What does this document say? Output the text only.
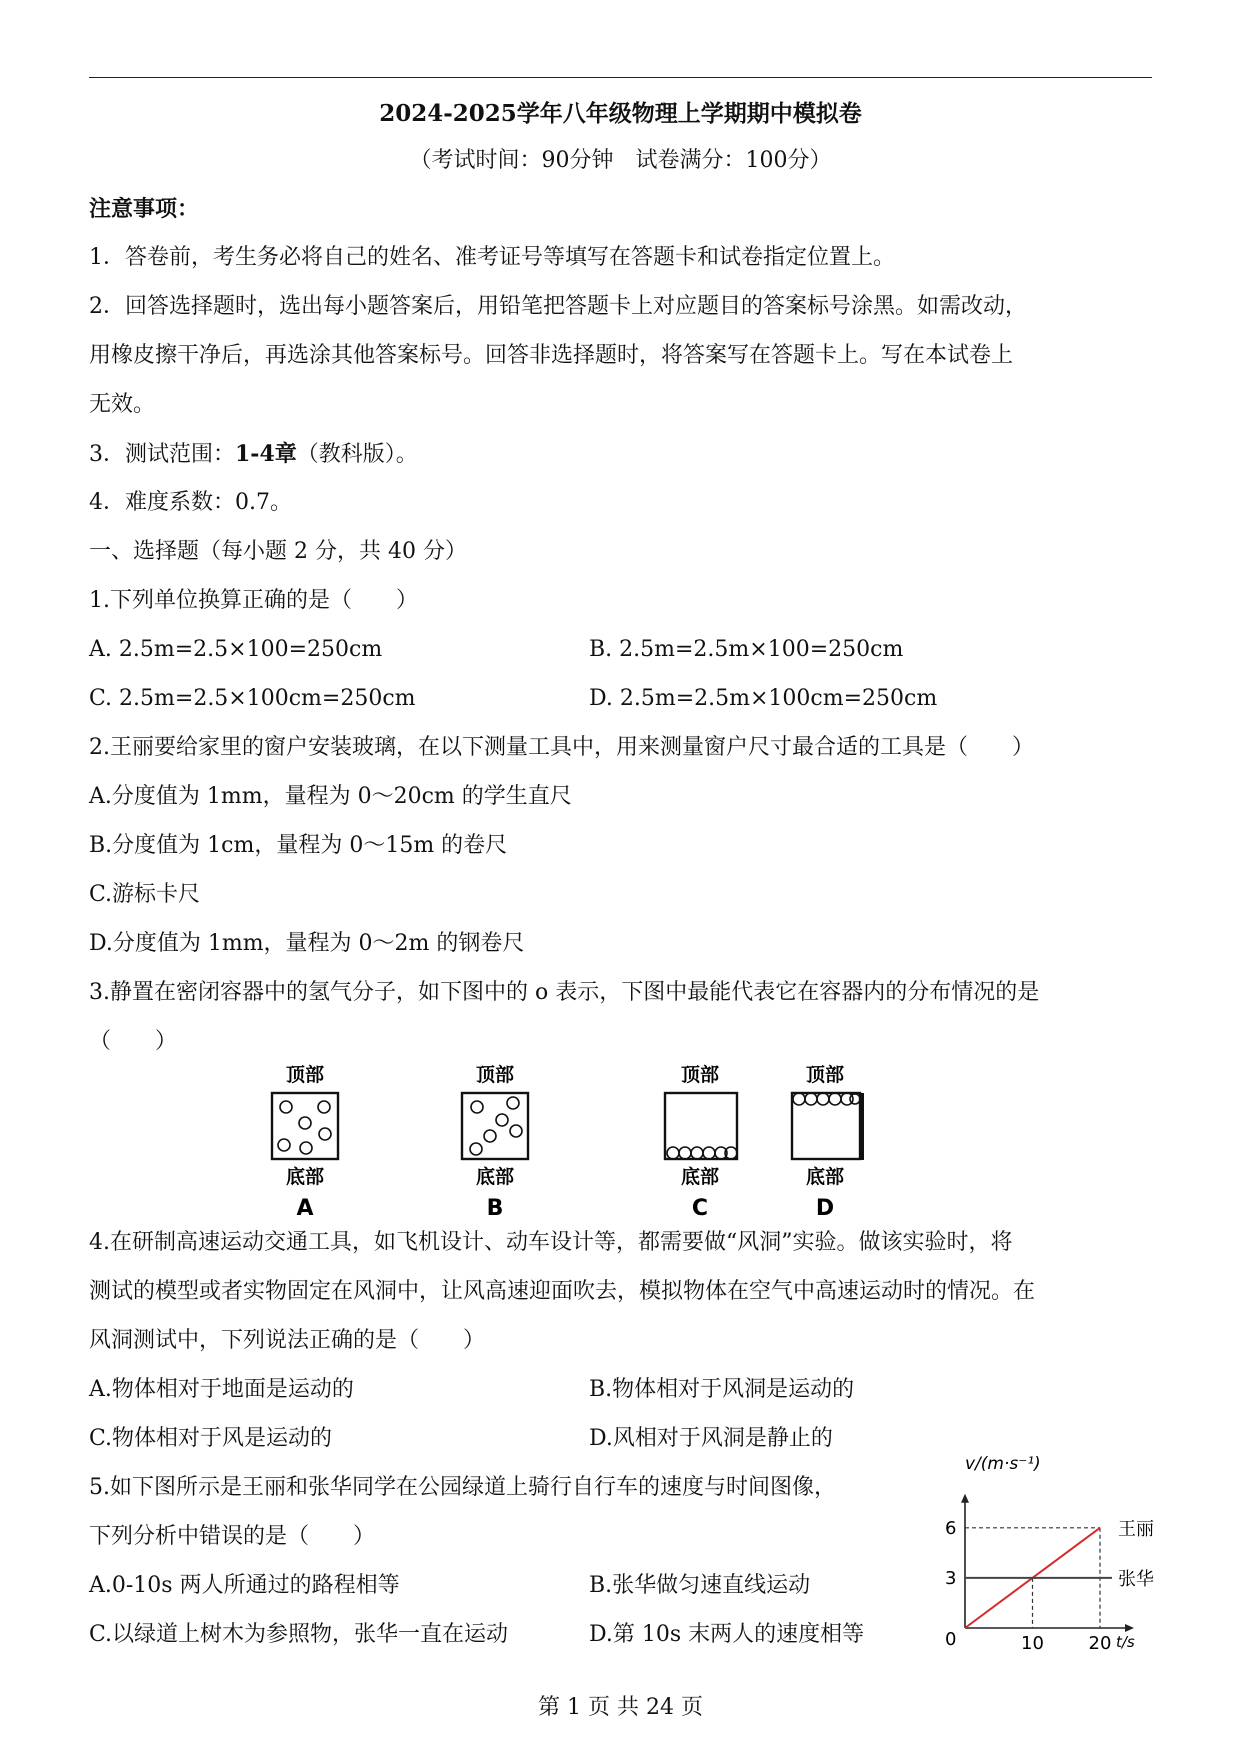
2024-2025学年八年级物理上学期期中模拟卷
（考试时间：90分钟　试卷满分：100分）
注意事项：
1．答卷前，考生务必将自己的姓名、准考证号等填写在答题卡和试卷指定位置上。
2．回答选择题时，选出每小题答案后，用铅笔把答题卡上对应题目的答案标号涂黑。如需改动，
用橡皮擦干净后，再选涂其他答案标号。回答非选择题时，将答案写在答题卡上。写在本试卷上
无效。
3．测试范围：1-4章（教科版）。
4．难度系数：0.7。
一、选择题（每小题 2 分，共 40 分）
1.下列单位换算正确的是（　　）
A. 2.5m=2.5×100=250cm	B. 2.5m=2.5m×100=250cm
C. 2.5m=2.5×100cm=250cm	D. 2.5m=2.5m×100cm=250cm
2.王丽要给家里的窗户安装玻璃，在以下测量工具中，用来测量窗户尺寸最合适的工具是（　　）
A.分度值为 1mm，量程为 0～20cm 的学生直尺
B.分度值为 1cm，量程为 0～15m 的卷尺
C.游标卡尺
D.分度值为 1mm，量程为 0～2m 的钢卷尺
3.静置在密闭容器中的氢气分子，如下图中的 o 表示，下图中最能代表它在容器内的分布情况的是
（　　）
顶部
底部
A
顶部
底部
B
顶部
底部
C
顶部
底部
D
4.在研制高速运动交通工具，如飞机设计、动车设计等，都需要做“风洞”实验。做该实验时，将
测试的模型或者实物固定在风洞中，让风高速迎面吹去，模拟物体在空气中高速运动时的情况。在
风洞测试中，下列说法正确的是（　　）
A.物体相对于地面是运动的	B.物体相对于风洞是运动的
C.物体相对于风是运动的	D.风相对于风洞是静止的
5.如下图所示是王丽和张华同学在公园绿道上骑行自行车的速度与时间图像，
下列分析中错误的是（　　）
A.0-10s 两人所通过的路程相等	B.张华做匀速直线运动
C.以绿道上树木为参照物，张华一直在运动	D.第 10s 末两人的速度相等
v/(m·s⁻¹)
t/s
0
3
6
10 20
王丽
张华
第 1 页 共 24 页
